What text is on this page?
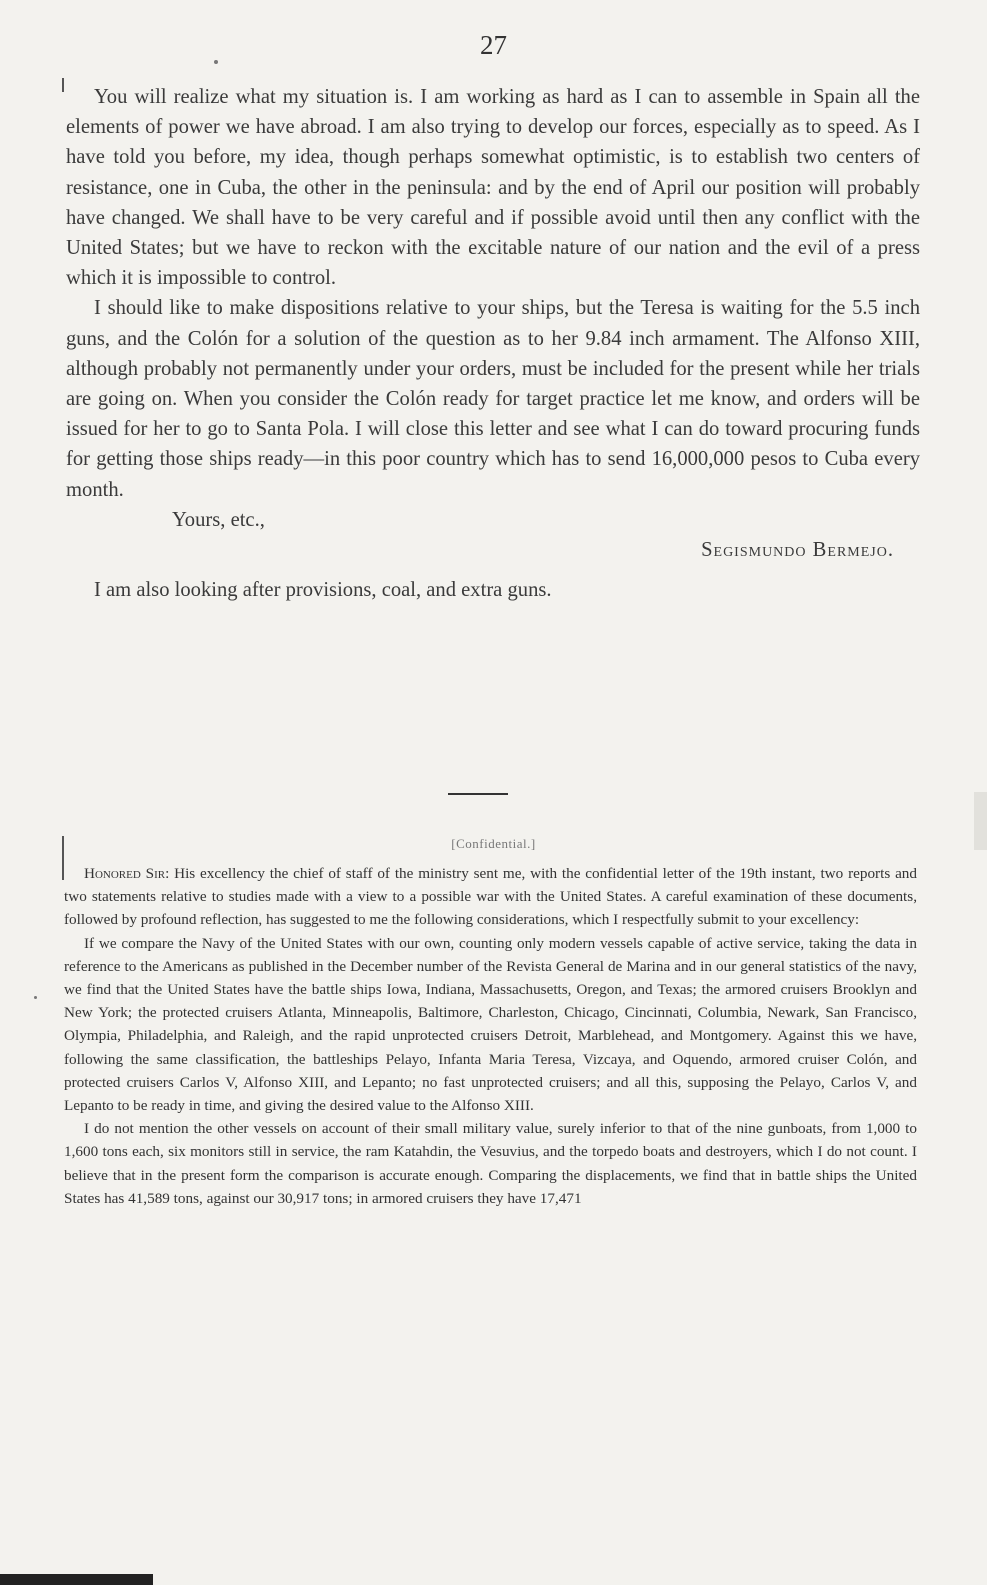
27

You will realize what my situation is. I am working as hard as I can to assemble in Spain all the elements of power we have abroad. I am also trying to develop our forces, especially as to speed. As I have told you before, my idea, though perhaps somewhat optimistic, is to establish two centers of resistance, one in Cuba, the other in the peninsula: and by the end of April our position will probably have changed. We shall have to be very careful and if possible avoid until then any conflict with the United States; but we have to reckon with the excitable nature of our nation and the evil of a press which it is impossible to control.

I should like to make dispositions relative to your ships, but the Teresa is waiting for the 5.5 inch guns, and the Colón for a solution of the question as to her 9.84 inch armament. The Alfonso XIII, although probably not permanently under your orders, must be included for the present while her trials are going on. When you consider the Colón ready for target practice let me know, and orders will be issued for her to go to Santa Pola. I will close this letter and see what I can do toward procuring funds for getting those ships ready—in this poor country which has to send 16,000,000 pesos to Cuba every month.

Yours, etc.,

Segismundo Bermejo.

I am also looking after provisions, coal, and extra guns.

[Confidential.]

Honored Sir: His excellency the chief of staff of the ministry sent me, with the confidential letter of the 19th instant, two reports and two statements relative to studies made with a view to a possible war with the United States. A careful examination of these documents, followed by profound reflection, has suggested to me the following considerations, which I respectfully submit to your excellency:

If we compare the Navy of the United States with our own, counting only modern vessels capable of active service, taking the data in reference to the Americans as published in the December number of the Revista General de Marina and in our general statistics of the navy, we find that the United States have the battle ships Iowa, Indiana, Massachusetts, Oregon, and Texas; the armored cruisers Brooklyn and New York; the protected cruisers Atlanta, Minneapolis, Baltimore, Charleston, Chicago, Cincinnati, Columbia, Newark, San Francisco, Olympia, Philadelphia, and Raleigh, and the rapid unprotected cruisers Detroit, Marblehead, and Montgomery. Against this we have, following the same classification, the battleships Pelayo, Infanta Maria Teresa, Vizcaya, and Oquendo, armored cruiser Colón, and protected cruisers Carlos V, Alfonso XIII, and Lepanto; no fast unprotected cruisers; and all this, supposing the Pelayo, Carlos V, and Lepanto to be ready in time, and giving the desired value to the Alfonso XIII.

I do not mention the other vessels on account of their small military value, surely inferior to that of the nine gunboats, from 1,000 to 1,600 tons each, six monitors still in service, the ram Katahdin, the Vesuvius, and the torpedo boats and destroyers, which I do not count. I believe that in the present form the comparison is accurate enough. Comparing the displacements, we find that in battle ships the United States has 41,589 tons, against our 30,917 tons; in armored cruisers they have 17,471
